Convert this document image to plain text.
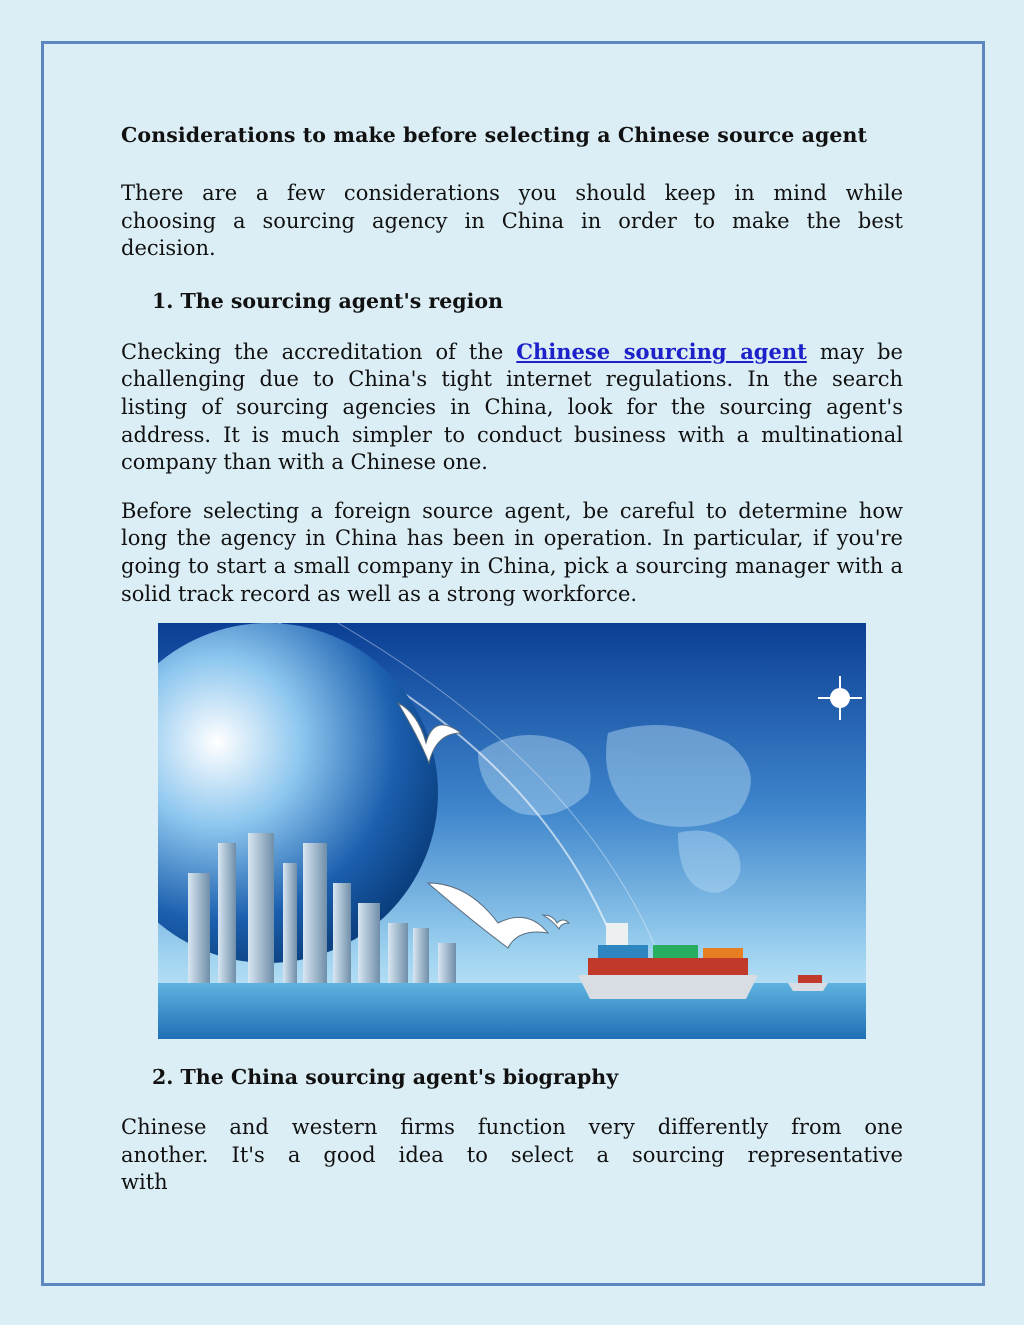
Considerations to make before selecting a Chinese source agent

There are a few considerations you should keep in mind while choosing a sourcing agency in China in order to make the best decision.

1. The sourcing agent's region

Checking the accreditation of the Chinese sourcing agent may be challenging due to China's tight internet regulations. In the search listing of sourcing agencies in China, look for the sourcing agent's address. It is much simpler to conduct business with a multinational company than with a Chinese one.

Before selecting a foreign source agent, be careful to determine how long the agency in China has been in operation. In particular, if you're going to start a small company in China, pick a sourcing manager with a solid track record as well as a strong workforce.

2. The China sourcing agent's biography

Chinese and western firms function very differently from one another. It's a good idea to select a sourcing representative with
